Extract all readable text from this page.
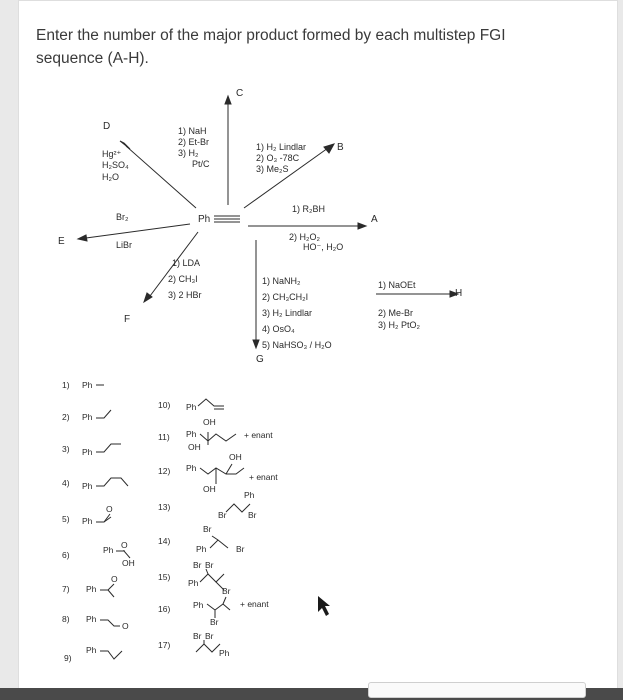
Enter the number of the major product formed by each multistep FGI sequence (A-H).
Ph
C
B
A
D
E
F
G
H
1) NaH
2) Et-Br
3) H₂
Pt/C
1) H₂ Lindlar
2) O₃ -78C
3) Me₂S
1) R₂BH
2) H₂O₂
HO⁻, H₂O
Hg²⁺
H₂SO₄
H₂O
Br₂
LiBr
1) LDA
2) CH₃I
3) 2 HBr
1) NaNH₂
2) CH₃CH₂I
3) H₂ Lindlar
4) OsO₄
5) NaHSO₃ / H₂O
1) NaOEt
2) Me-Br
3) H₂ PtO₂
1)
2)
3)
4)
5)
6)
7)
8)
9)
10)
11)
12)
13)
14)
15)
16)
17)
Ph
Ph
Ph
Ph
Ph
Ph
Ph
Ph
Ph
O
O
OH
O
O
Ph
Ph
OH
OH
+ enant
Ph
OH
OH
+ enant
Ph
Br	Br
Br
Ph	Br
Br Br
Ph
Br
Ph
Br
+ enant
Br Br
Ph
